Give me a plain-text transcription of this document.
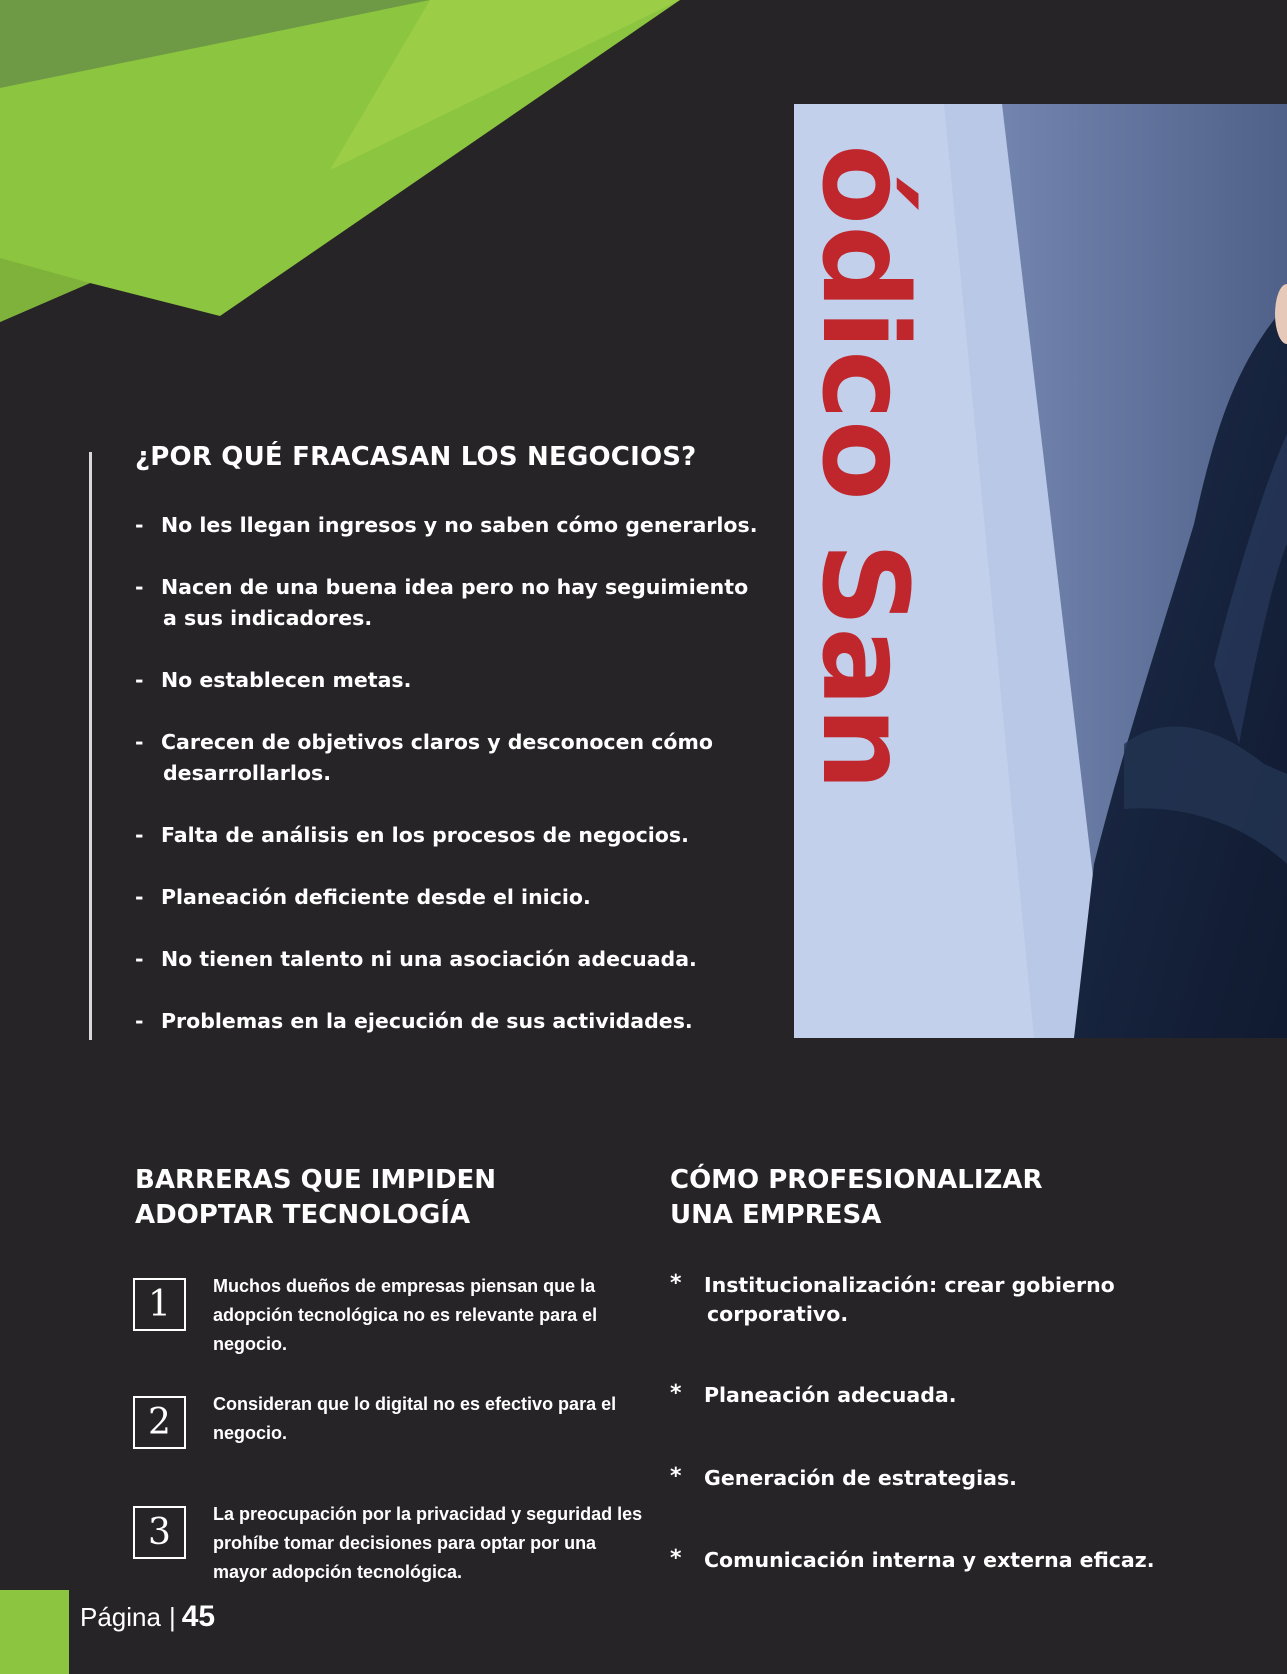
ódico San
¿POR QUÉ FRACASAN LOS NEGOCIOS?
- No les llegan ingresos y no saben cómo generarlos.
- Nacen de una buena idea pero no hay seguimiento
a sus indicadores.
- No establecen metas.
- Carecen de objetivos claros y desconocen cómo
desarrollarlos.
- Falta de análisis en los procesos de negocios.
- Planeación deficiente desde el inicio.
- No tienen talento ni una asociación adecuada.
- Problemas en la ejecución de sus actividades.
BARRERAS QUE IMPIDEN
ADOPTAR TECNOLOGÍA
1	Muchos dueños de empresas piensan que la adopción tecnológica no es relevante para el negocio.
2	Consideran que lo digital no es efectivo para el negocio.
3	La preocupación por la privacidad y seguridad les prohíbe tomar decisiones para optar por una mayor adopción tecnológica.
CÓMO PROFESIONALIZAR
UNA EMPRESA
* Institucionalización: crear gobierno
corporativo.
* Planeación adecuada.
* Generación de estrategias.
* Comunicación interna y externa eficaz.
Página | 45
